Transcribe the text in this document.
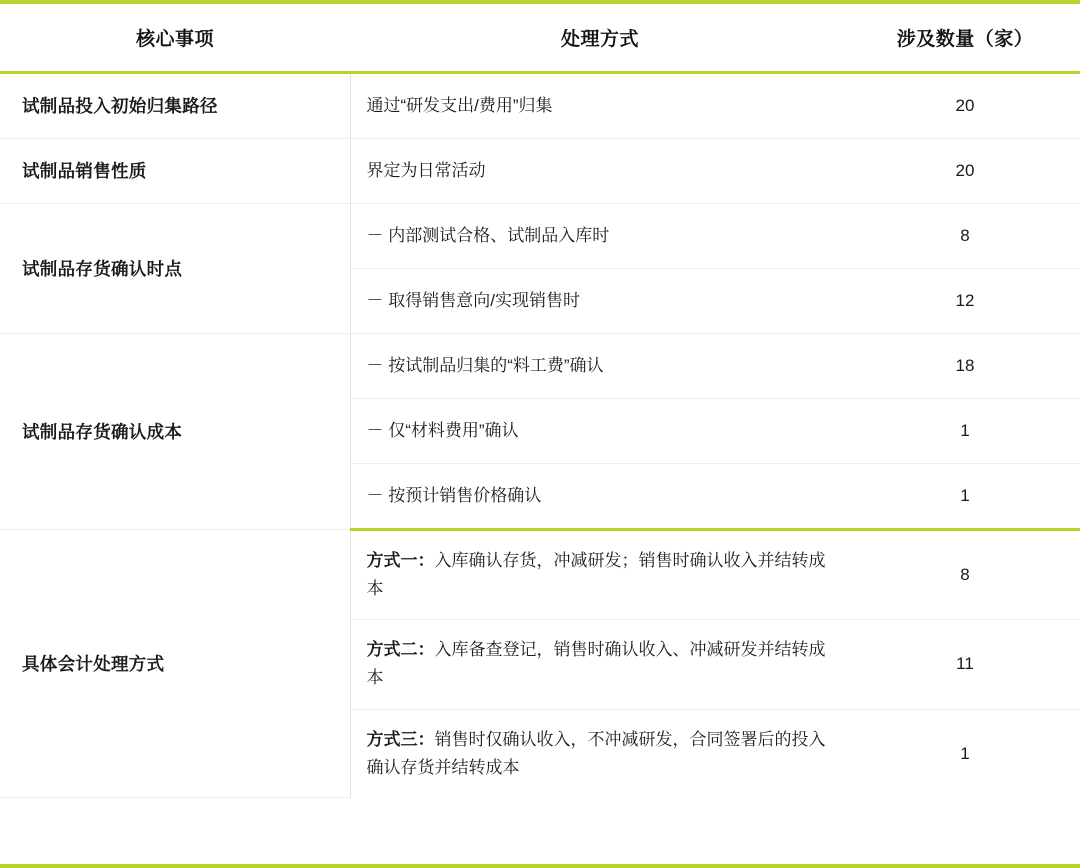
核心事项	处理方式	涉及数量（家）
试制品投入初始归集路径	通过“研发支出/费用”归集	20
试制品销售性质	界定为日常活动	20
试制品存货确认时点	－ 内部测试合格、试制品入库时	8
	－ 取得销售意向/实现销售时	12
试制品存货确认成本	－ 按试制品归集的“料工费”确认	18
	－ 仅“材料费用”确认	1
	－ 按预计销售价格确认	1
具体会计处理方式	方式一：入库确认存货，冲减研发；销售时确认收入并结转成本	8
	方式二：入库备查登记，销售时确认收入、冲减研发并结转成本	11
	方式三：销售时仅确认收入，不冲减研发，合同签署后的投入确认存货并结转成本	1
